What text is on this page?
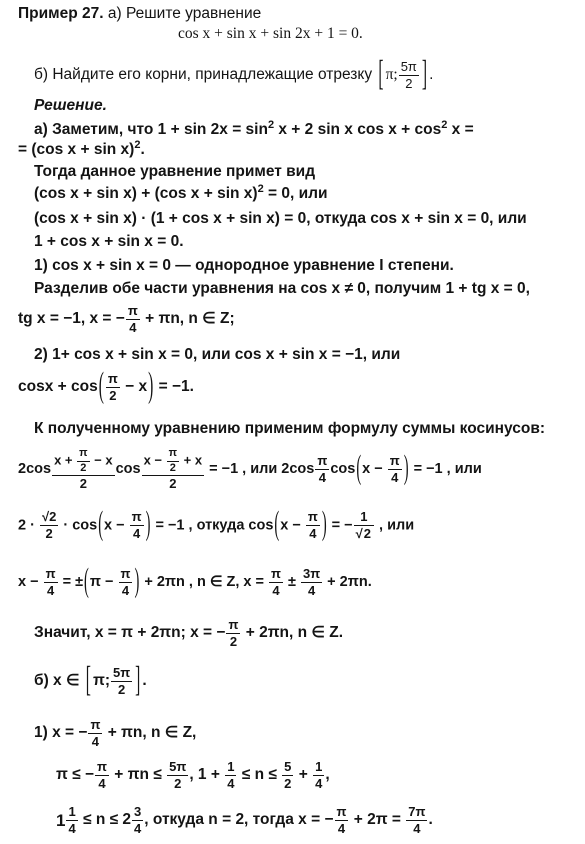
Пример 27. а) Решите уравнение
cos x + sin x + sin 2x + 1 = 0.
б) Найдите его корни, принадлежащие отрезку [ π; $\frac{5\pi}{2}$ ] .
Решение.
а) Заметим, что $1 + \sin 2x = \sin^2 x + 2$ sin x $\cos x + \cos^2 x$ =
= (cos x + sin x)$^2$.
Тогда данное уравнение примет вид
(cos x + sin x) + (cos x + sin x)$^2$ = 0, или
(cos x + sin x) · (1 + cos x + sin x) = 0, откуда cos x + sin x = 0, или
1 + cos x + sin x = 0.
1) cos x + sin x = 0 — однородное уравнение I степени.
Разделив обе части уравнения на cos x ≠ 0, получим 1 + tg x = 0,
tg x = −1, x = − $\frac{\pi}{4} + \pi n$, n ∈ Z;
2) 1+ cos x + sin x = 0, или cos x + sin x = −1, или
$\cos x + \cos( \frac{\pi}{2} - x) = -1$.
К полученному уравнению применим формулу суммы косинусов:
$2\cos \frac{x + \frac{\pi}{2} - x}{2}$ $\cos \frac{x - \frac{\pi}{2} + x}{2} = -1$ , или $2\cos \frac{\pi}{4} \cos(x - \frac{\pi}{4}$ ) = −1 , или
$2 \cdot \frac{√2}{2} \cdot \cos(x - \frac{\pi}{4}$ ) = −1 , откуда $\cos(x - \frac{\pi}{4}$ ) = − $\frac{1}{√2}$ , или
$x - \frac{\pi}{4} = \pm(\pi - \frac{\pi}{4}$ ) + 2πn , n ∈ Z, $x = \frac{\pi}{4} \pm \frac{3\pi}{4} + 2\pi n$.
Значит, x = π + 2πn; x = − $\frac{\pi}{2} + 2\pi n$, n ∈ Z.
б) x ∈ [ π; $\frac{5\pi}{2}$ ] .
1) x = − $\frac{\pi}{4} + \pi n$, n ∈ Z,
π ≤ − $\frac{\pi}{4} + \pi n \le \frac{5\pi}{2}$ , $1 + \frac{1}{4} \le n \le \frac{5}{2} + \frac{1}{4}$ ,
$1 \frac{1}{4} \le n \le 2 \frac{3}{4}$ , откуда n = 2, тогда x = − $\frac{\pi}{4} + 2\pi = \frac{7\pi}{4}$ .
